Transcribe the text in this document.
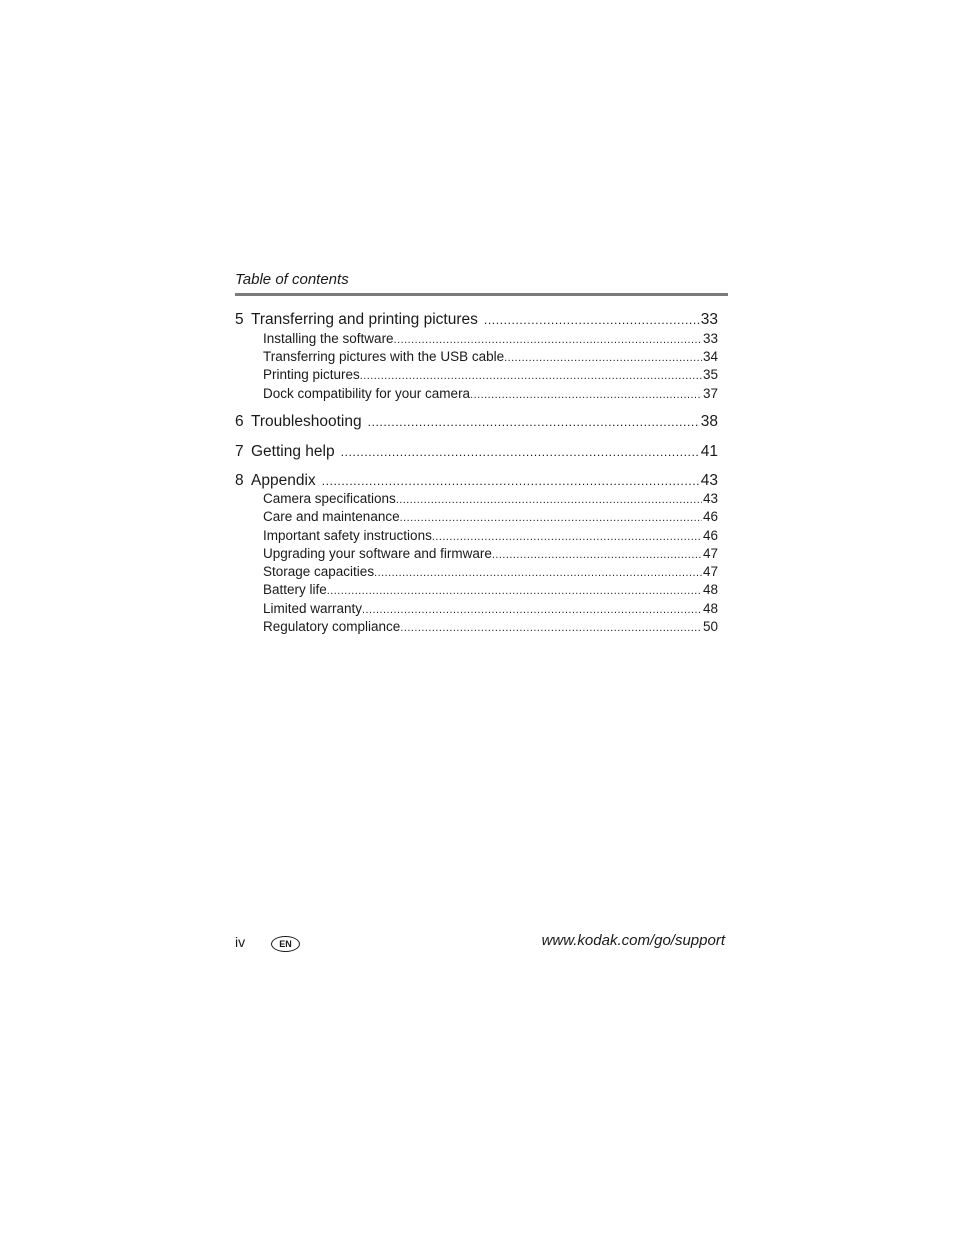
Table of contents
5 Transferring and printing pictures .....	33
Installing the software .....	33
Transferring pictures with the USB cable .....	34
Printing pictures .....	35
Dock compatibility for your camera .....	37
6 Troubleshooting .....	38
7 Getting help .....	41
8 Appendix .....	43
Camera specifications .....	43
Care and maintenance .....	46
Important safety instructions .....	46
Upgrading your software and firmware .....	47
Storage capacities .....	47
Battery life .....	48
Limited warranty .....	48
Regulatory compliance .....	50
iv	EN	www.kodak.com/go/support
